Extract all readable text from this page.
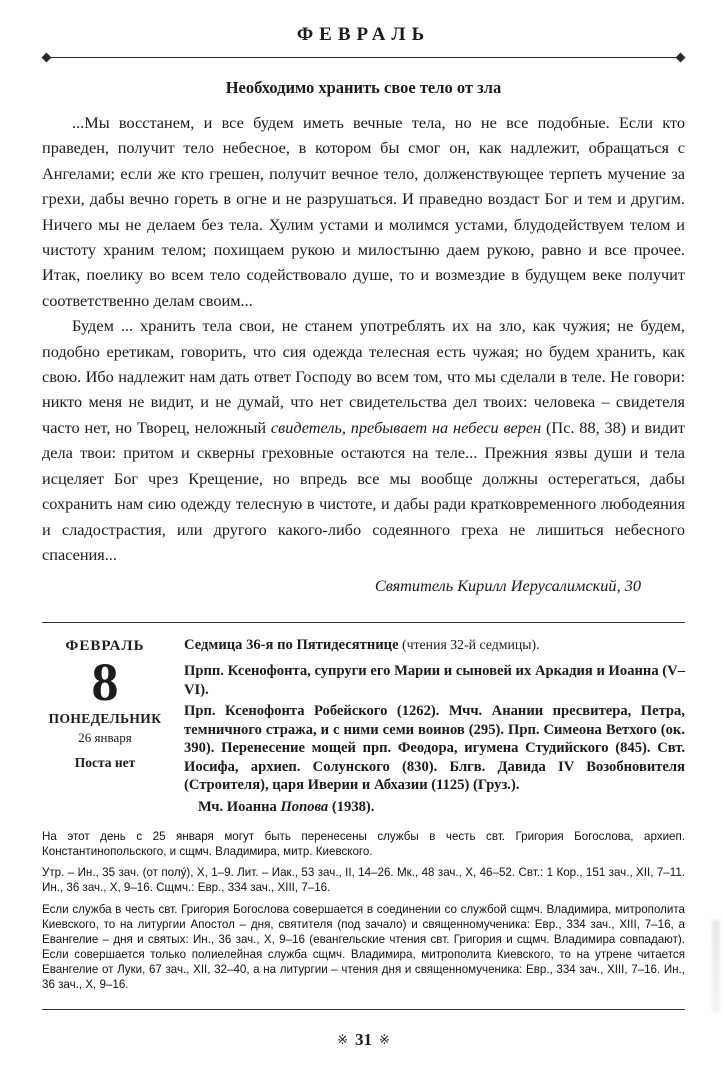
ФЕВРАЛЬ
Необходимо хранить свое тело от зла

...Мы восстанем, и все будем иметь вечные тела, но не все подобные. Если кто праведен, получит тело небесное, в котором бы смог он, как надлежит, обращаться с Ангелами; если же кто грешен, получит вечное тело, долженствующее терпеть мучение за грехи, дабы вечно гореть в огне и не разрушаться. И праведно воздаст Бог и тем и другим. Ничего мы не делаем без тела. Хулим устами и молимся устами, блудодействуем телом и чистоту храним телом; похищаем рукою и милостыню даем рукою, равно и все прочее. Итак, поелику во всем тело содействовало душе, то и возмездие в будущем веке получит соответственно делам своим...

Будем ... хранить тела свои, не станем употреблять их на зло, как чужия; не будем, подобно еретикам, говорить, что сия одежда телесная есть чужая; но будем хранить, как свою. Ибо надлежит нам дать ответ Господу во всем том, что мы сделали в теле. Не говори: никто меня не видит, и не думай, что нет свидетельства дел твоих: человека – свидетеля часто нет, но Творец, неложный свидетель, пребывает на небеси верен (Пс. 88, 38) и видит дела твои: притом и скверны греховные остаются на теле... Прежния язвы души и тела исцеляет Бог чрез Крещение, но впредь все мы вообще должны остерегаться, дабы сохранить нам сию одежду телесную в чистоте, и дабы ради кратковременного любодеяния и сладострастия, или другого какого-либо содеянного греха не лишиться небесного спасения...

Святитель Кирилл Иерусалимский, 30

ФЕВРАЛЬ
8
ПОНЕДЕЛЬНИК
26 января
Поста нет

Седмица 36-я по Пятидесятнице (чтения 32-й седмицы).

Прпп. Ксенофонта, супруги его Марии и сыновей их Аркадия и Иоанна (V–VI).

Прп. Ксенофонта Робейского (1262). Мчч. Анании пресвитера, Петра, темничного стража, и с ними семи воинов (295). Прп. Симеона Ветхого (ок. 390). Перенесение мощей прп. Феодора, игумена Студийского (845). Свт. Иосифа, архиеп. Солунского (830). Блгв. Давида IV Возобновителя (Строителя), царя Иверии и Абхазии (1125) (Груз.).

Мч. Иоанна Попова (1938).

На этот день с 25 января могут быть перенесены службы в честь свт. Григория Богослова, архиеп. Константинопольского, и сщмч. Владимира, митр. Киевского.

Утр. – Ин., 35 зач. (от полу́), X, 1–9. Лит. – Иак., 53 зач., II, 14–26. Мк., 48 зач., X, 46–52. Свт.: 1 Кор., 151 зач., XII, 7–11. Ин., 36 зач., X, 9–16. Сщмч.: Евр., 334 зач., XIII, 7–16.

Если служба в честь свт. Григория Богослова совершается в соединении со службой сщмч. Владимира, митрополита Киевского, то на литургии Апостол – дня, святителя (под зачало) и священномученика: Евр., 334 зач., XIII, 7–16, а Евангелие – дня и святых: Ин., 36 зач., X, 9–16 (евангельские чтения свт. Григория и сщмч. Владимира совпадают). Если совершается только полиелейная служба сщмч. Владимира, митрополита Киевского, то на утрене читается Евангелие от Луки, 67 зач., XII, 32–40, а на литургии – чтения дня и священномученика: Евр., 334 зач., XIII, 7–16. Ин., 36 зач., X, 9–16.

※ 31 ※
